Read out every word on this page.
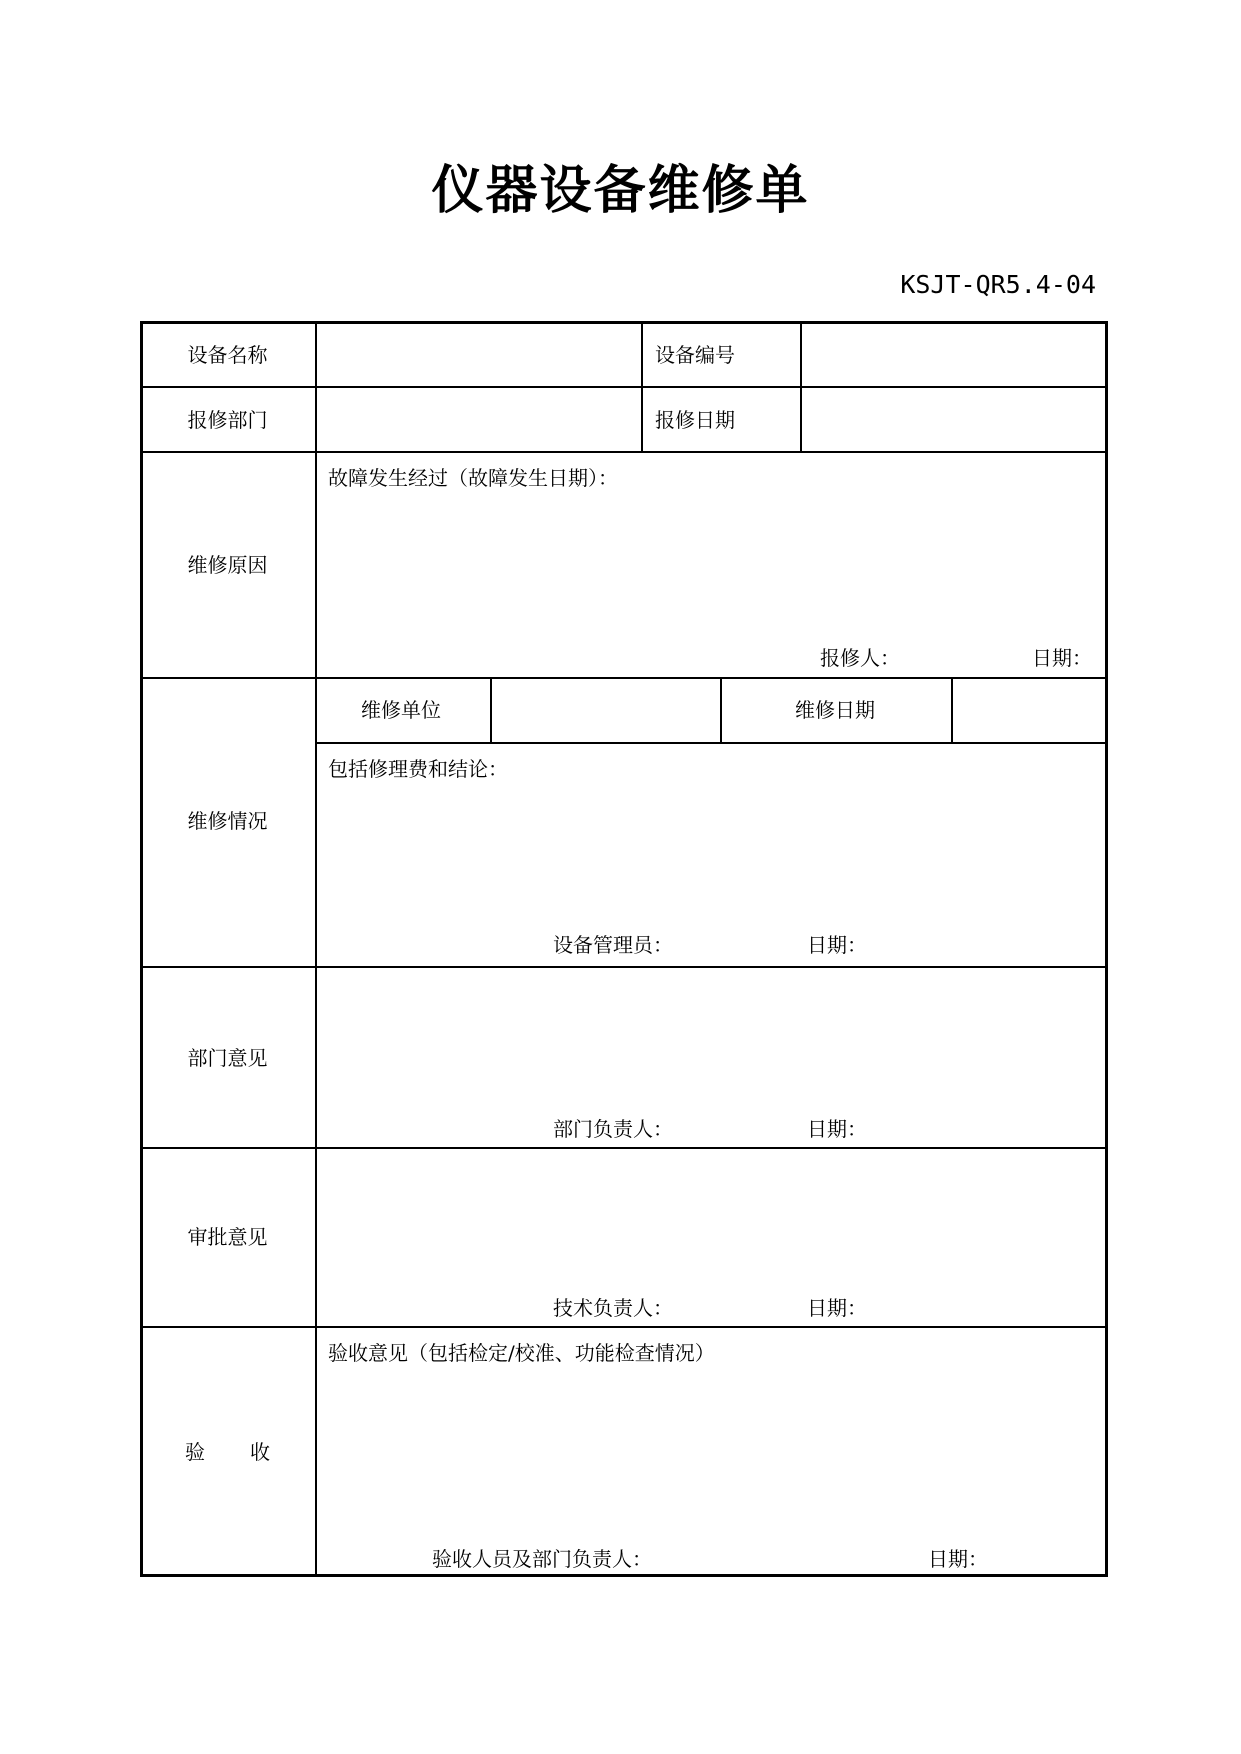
仪器设备维修单
KSJT-QR5.4-04
设备名称	设备编号
报修部门	报修日期
维修原因
故障发生经过（故障发生日期）：
报修人：	日期：
维修情况
维修单位	维修日期
包括修理费和结论：
设备管理员：	日期：
部门意见
部门负责人：	日期：
审批意见
技术负责人：	日期：
验 收
验收意见（包括检定/校准、功能检查情况）
验收人员及部门负责人：	日期：
